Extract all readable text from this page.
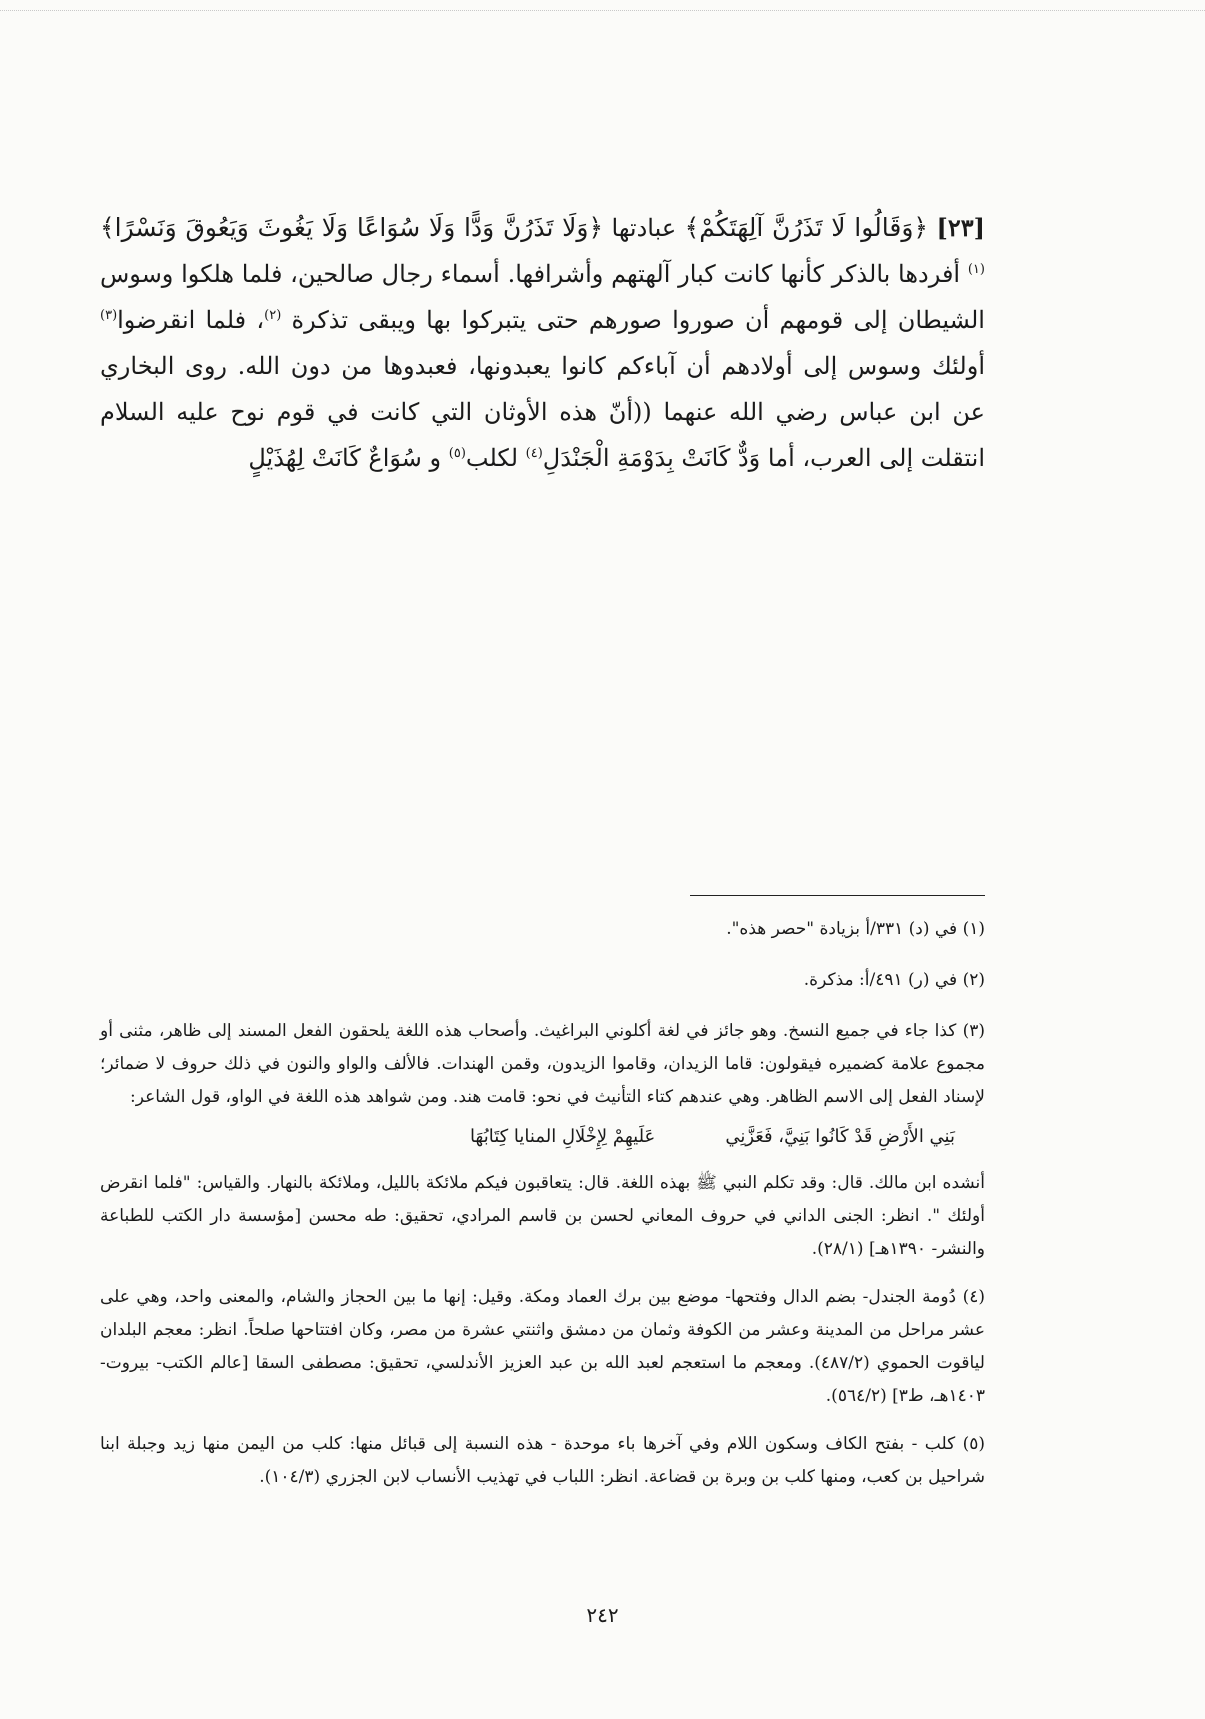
[٢٣] ﴿وَقَالُوا لَا تَذَرُنَّ آلِهَتَكُمْ﴾ عبادتها ﴿وَلَا تَذَرُنَّ وَدًّا وَلَا سُوَاعًا وَلَا يَغُوثَ وَيَعُوقَ وَنَسْرًا﴾$^{(١)}$ أفردها بالذكر كأنها كانت كبار آلهتهم وأشرافها. أسماء رجال صالحين، فلما هلكوا وسوس الشيطان إلى قومهم أن صوروا صورهم حتى يتبركوا بها ويبقى تذكرة $^{(٢)}$، فلما انقرضوا$^{(٣)}$ أولئك وسوس إلى أولادهم أن آباءكم كانوا يعبدونها، فعبدوها من دون الله. روى البخاري عن ابن عباس رضي الله عنهما ((أنّ هذه الأوثان التي كانت في قوم نوح عليه السلام انتقلت إلى العرب، أما وَدٌّ كَانَتْ بِدَوْمَةِ الْجَنْدَلِ$^{(٤)}$ لكلب$^{(٥)}$ و سُوَاعٌ كَانَتْ لِهُذَيْلٍ

(١) في (د) ٣٣١/أ بزيادة "حصر هذه".

(٢) في (ر) ٤٩١/أ: مذكرة.

(٣) كذا جاء في جميع النسخ. وهو جائز في لغة أكلوني البراغيث. وأصحاب هذه اللغة يلحقون الفعل المسند إلى ظاهر، مثنى أو مجموع علامة كضميره فيقولون: قاما الزيدان، وقاموا الزيدون، وقمن الهندات. فالألف والواو والنون في ذلك حروف لا ضمائر؛ لإسناد الفعل إلى الاسم الظاهر. وهي عندهم كتاء التأنيث في نحو: قامت هند. ومن شواهد هذه اللغة في الواو، قول الشاعر:

بَنِي الأَرْضِ قَدْ كَانُوا بَنِيَّ، فَعَزَّنِي
عَلَيهِمْ لِإِخْلَالِ المنايا كِتَابُهَا

أنشده ابن مالك. قال: وقد تكلم النبي ﷺ بهذه اللغة. قال: يتعاقبون فيكم ملائكة بالليل، وملائكة بالنهار. والقياس: "فلما انقرض أولئك ". انظر: الجنى الداني في حروف المعاني لحسن بن قاسم المرادي، تحقيق: طه محسن [مؤسسة دار الكتب للطباعة والنشر- ١٣٩٠هـ] (٢٨/١).

(٤) دُومة الجندل- بضم الدال وفتحها- موضع بين برك العماد ومكة. وقيل: إنها ما بين الحجاز والشام، والمعنى واحد، وهي على عشر مراحل من المدينة وعشر من الكوفة وثمان من دمشق واثنتي عشرة من مصر، وكان افتتاحها صلحاً. انظر: معجم البلدان لياقوت الحموي (٤٨٧/٢). ومعجم ما استعجم لعبد الله بن عبد العزيز الأندلسي، تحقيق: مصطفى السقا [عالم الكتب- بيروت- ١٤٠٣هـ، ط٣] (٥٦٤/٢).

(٥) كلب - بفتح الكاف وسكون اللام وفي آخرها باء موحدة - هذه النسبة إلى قبائل منها: كلب من اليمن منها زيد وجبلة ابنا شراحيل بن كعب، ومنها كلب بن وبرة بن قضاعة. انظر: اللباب في تهذيب الأنساب لابن الجزري (١٠٤/٣).

٢٤٢
